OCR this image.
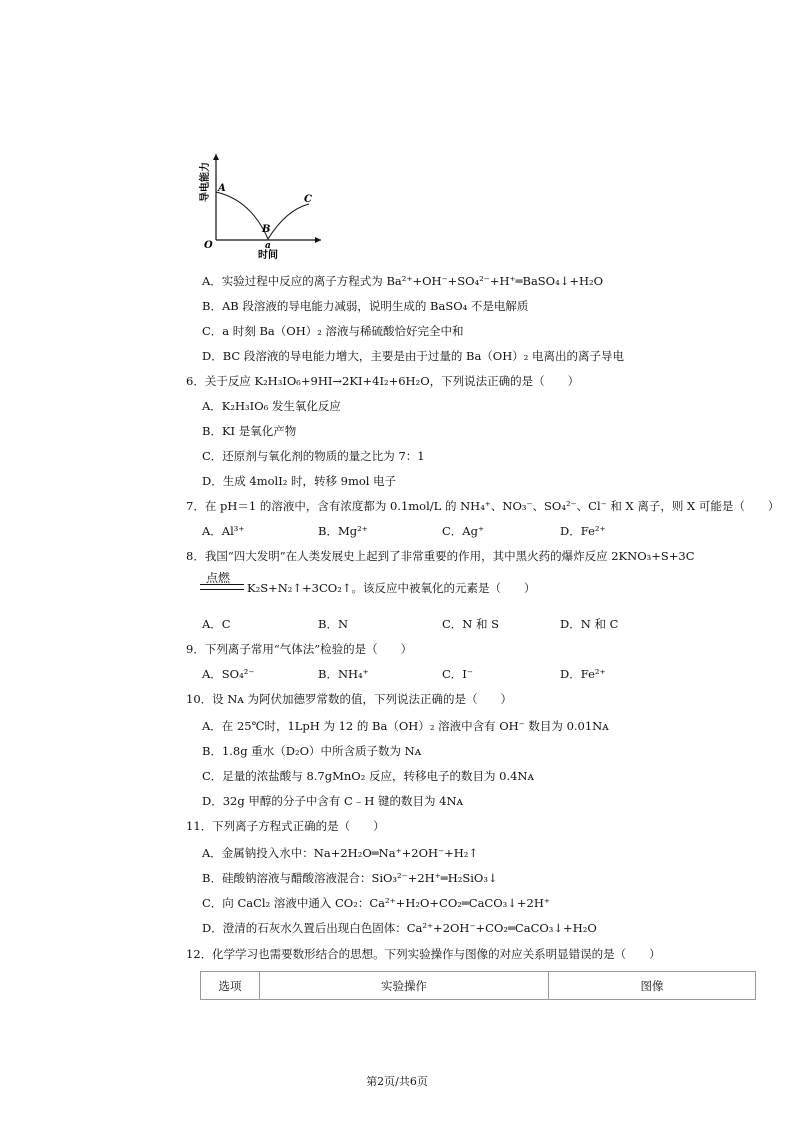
导电能力 A
B
C
O	a
时间
A．实验过程中反应的离子方程式为 Ba²⁺+OH⁻+SO₄²⁻+H⁺═BaSO₄↓+H₂O
B．AB 段溶液的导电能力减弱，说明生成的 BaSO₄ 不是电解质
C．a 时刻 Ba（OH）₂ 溶液与稀硫酸恰好完全中和
D．BC 段溶液的导电能力增大，主要是由于过量的 Ba（OH）₂ 电离出的离子导电
6．关于反应 K₂H₃IO₆+9HI→2KI+4I₂+6H₂O，下列说法正确的是（　　）
A．K₂H₃IO₆ 发生氧化反应
B．KI 是氧化产物
C．还原剂与氧化剂的物质的量之比为 7：1
D．生成 4molI₂ 时，转移 9mol 电子
7．在 pH＝1 的溶液中，含有浓度都为 0.1mol/L 的 NH₄⁺、NO₃⁻、SO₄²⁻、Cl⁻ 和 X 离子，则 X 可能是（　　）
A．Al³⁺	B．Mg²⁺	C．Ag⁺	D．Fe²⁺
8．我国“四大发明”在人类发展史上起到了非常重要的作用，其中黑火药的爆炸反应 2KNO₃+S+3C
点燃
K₂S+N₂↑+3CO₂↑。该反应中被氧化的元素是（　　）
A．C	B．N	C．N 和 S	D．N 和 C
9．下列离子常用“气体法”检验的是（　　）
A．SO₄²⁻	B．NH₄⁺	C．I⁻	D．Fe²⁺
10．设 Nᴀ 为阿伏加德罗常数的值，下列说法正确的是（　　）
A．在 25℃时，1LpH 为 12 的 Ba（OH）₂ 溶液中含有 OH⁻ 数目为 0.01Nᴀ
B．1.8g 重水（D₂O）中所含质子数为 Nᴀ
C．足量的浓盐酸与 8.7gMnO₂ 反应，转移电子的数目为 0.4Nᴀ
D．32g 甲醇的分子中含有 C﹣H 键的数目为 4Nᴀ
11．下列离子方程式正确的是（　　）
A．金属钠投入水中：Na+2H₂O═Na⁺+2OH⁻+H₂↑
B．硅酸钠溶液与醋酸溶液混合：SiO₃²⁻+2H⁺═H₂SiO₃↓
C．向 CaCl₂ 溶液中通入 CO₂：Ca²⁺+H₂O+CO₂═CaCO₃↓+2H⁺
D．澄清的石灰水久置后出现白色固体：Ca²⁺+2OH⁻+CO₂═CaCO₃↓+H₂O
12．化学学习也需要数形结合的思想。下列实验操作与图像的对应关系明显错误的是（　　）
选项	实验操作	图像
第2页/共6页
